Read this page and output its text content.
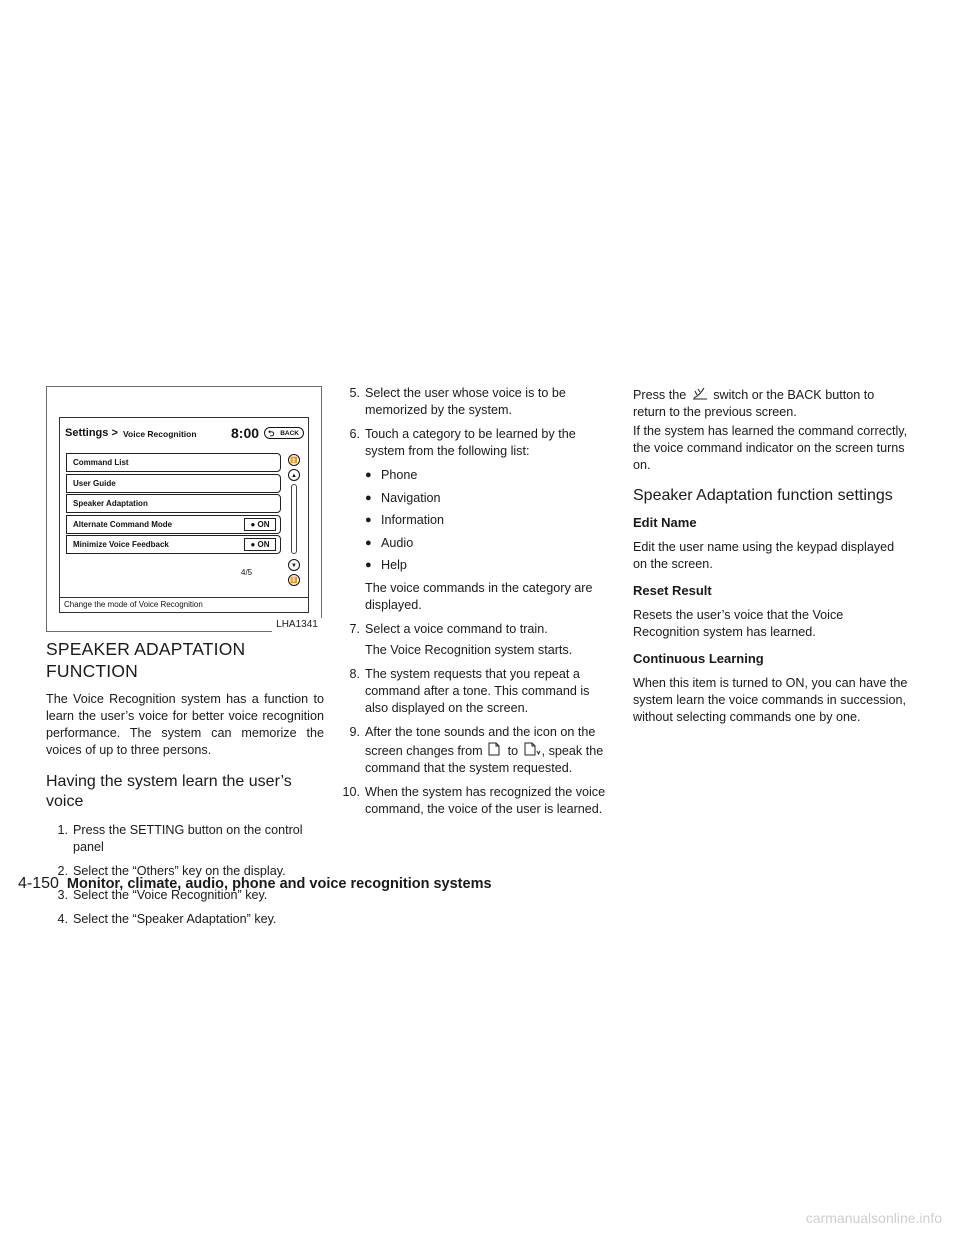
Settings > Voice Recognition 8:00 ⮌ BACK
Command List
User Guide
Speaker Adaptation
Alternate Command Mode	● ON
Minimize Voice Feedback	● ON
⏫
▲
▼
⏬
4/5
Change the mode of Voice Recognition
LHA1341
SPEAKER ADAPTATION FUNCTION

The Voice Recognition system has a function to learn the user’s voice for better voice recognition performance. The system can memorize the voices of up to three persons.

Having the system learn the user’s voice
1. Press the SETTING button on the control panel
2. Select the “Others” key on the display.
3. Select the “Voice Recognition” key.
4. Select the “Speaker Adaptation” key.
5. Select the user whose voice is to be memorized by the system.
6. Touch a category to be learned by the system from the following list:
● Phone
● Navigation
● Information
● Audio
● Help

The voice commands in the category are displayed.

7. Select a voice command to train.

The Voice Recognition system starts.

8. The system requests that you repeat a command after a tone. This command is also displayed on the screen.
9. After the tone sounds and the icon on the screen changes from to , speak the command that the system requested.
10. When the system has recognized the voice command, the voice of the user is learned.

Press the switch or the BACK button to return to the previous screen.

If the system has learned the command correctly, the voice command indicator on the screen turns on.

Speaker Adaptation function settings
Edit Name

Edit the user name using the keypad displayed on the screen.

Reset Result

Resets the user’s voice that the Voice Recognition system has learned.

Continuous Learning

When this item is turned to ON, you can have the system learn the voice commands in succession, without selecting commands one by one.

4-150 Monitor, climate, audio, phone and voice recognition systems
carmanualsonline.info
